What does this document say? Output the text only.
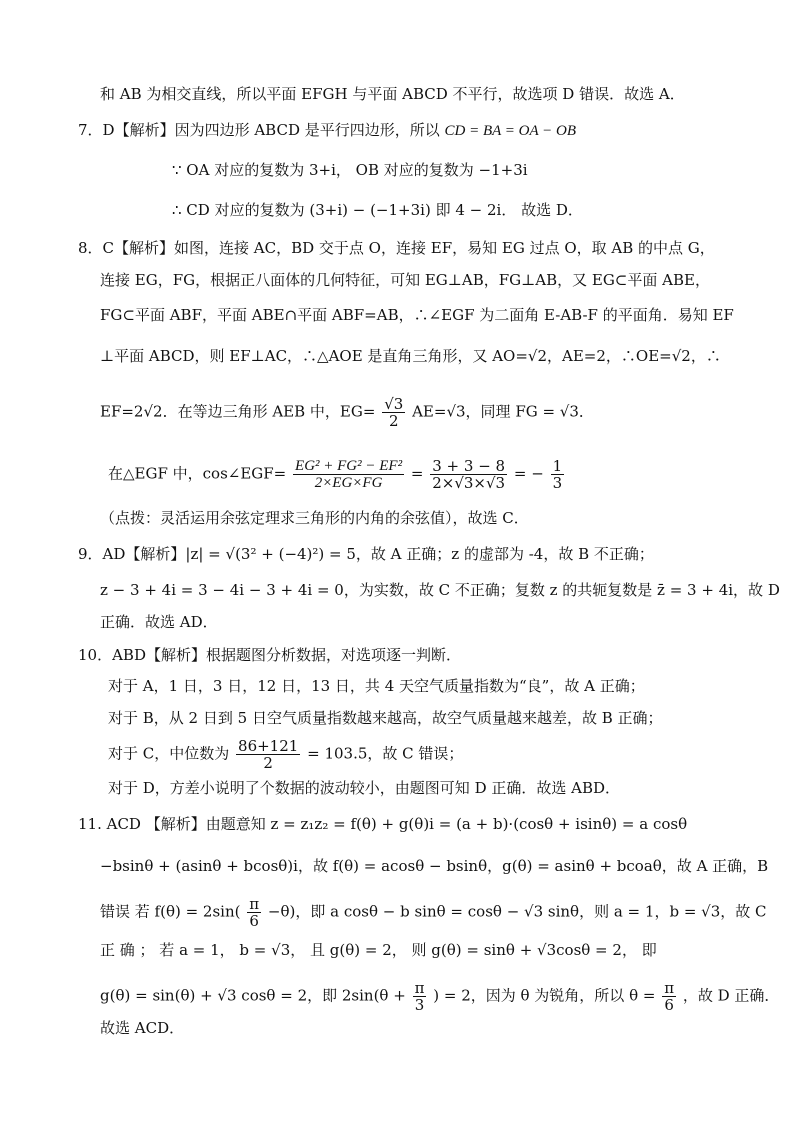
和 AB 为相交直线，所以平面 EFGH 与平面 ABCD 不平行，故选项 D 错误．故选 A．
7．D【解析】因为四边形 ABCD 是平行四边形，所以 CD = BA = OA − OB
∵ OA 对应的复数为 3+i， OB 对应的复数为 −1+3i
∴ CD 对应的复数为 (3+i) − (−1+3i) 即 4 − 2i． 故选 D．
8．C【解析】如图，连接 AC，BD 交于点 O，连接 EF，易知 EG 过点 O，取 AB 的中点 G，
连接 EG，FG，根据正八面体的几何特征，可知 EG⊥AB，FG⊥AB，又 EG⊂平面 ABE，
FG⊂平面 ABF，平面 ABE∩平面 ABF=AB，∴∠EGF 为二面角 E-AB-F 的平面角．易知 EF
⊥平面 ABCD，则 EF⊥AC，∴△AOE 是直角三角形，又 AO=√2，AE=2，∴OE=√2，∴
EF=2√2．在等边三角形 AEB 中，$EG= \frac{√3}{2} AE=√3$，同理 FG = √3．
在△EGF 中，cos∠EGF= $\frac{\text{EG² + FG² − EF²}}{2\times EG\times FG} = \frac{3 + 3 - 8}{2\times√3\times√3}$ = − $\frac{1}{3}$
（点拨：灵活运用余弦定理求三角形的内角的余弦值），故选 C．
9．AD【解析】|z| = √(3² + (−4)²) = 5，故 A 正确；z 的虚部为 -4，故 B 不正确；
z − 3 + 4i = 3 − 4i − 3 + 4i = 0，为实数，故 C 不正确；复数 z 的共轭复数是 z̄ = 3 + 4i，故 D
正确．故选 AD．
10．ABD【解析】根据题图分析数据，对选项逐一判断．
对于 A，1 日，3 日，12 日，13 日，共 4 天空气质量指数为“良”，故 A 正确；
对于 B，从 2 日到 5 日空气质量指数越来越高，故空气质量越来越差，故 B 正确；
对于 C，中位数为 $\frac{86+121}{2} = 103.5$，故 C 错误；
对于 D，方差小说明了个数据的波动较小，由题图可知 D 正确．故选 ABD．
11. ACD 【解析】由题意知 z = z₁z₂ = f(θ) + g(θ)i = (a + b)·(cosθ + isinθ) = a cosθ
−bsinθ + (asinθ + bcosθ)i，故 f(θ) = acosθ − bsinθ，g(θ) = asinθ + bcoaθ，故 A 正确，B
错误 若 $f(\theta) = 2\sin( \frac{\pi}{6} -\theta)$，即 a cosθ − b sinθ = cosθ − √3 sinθ，则 a = 1，b = √3，故 C
正 确 ； 若 a = 1， b = √3， 且 g(θ) = 2， 则 g(θ) = sinθ + √3cosθ = 2， 即
g(θ) = sin(θ) + √3 cosθ = 2，即 $2\sin(\theta + \frac{\pi}{3}$ ) = 2，因为 θ 为锐角，所以 $\theta = \frac{\pi}{6}$ ，故 D 正确．
故选 ACD．
